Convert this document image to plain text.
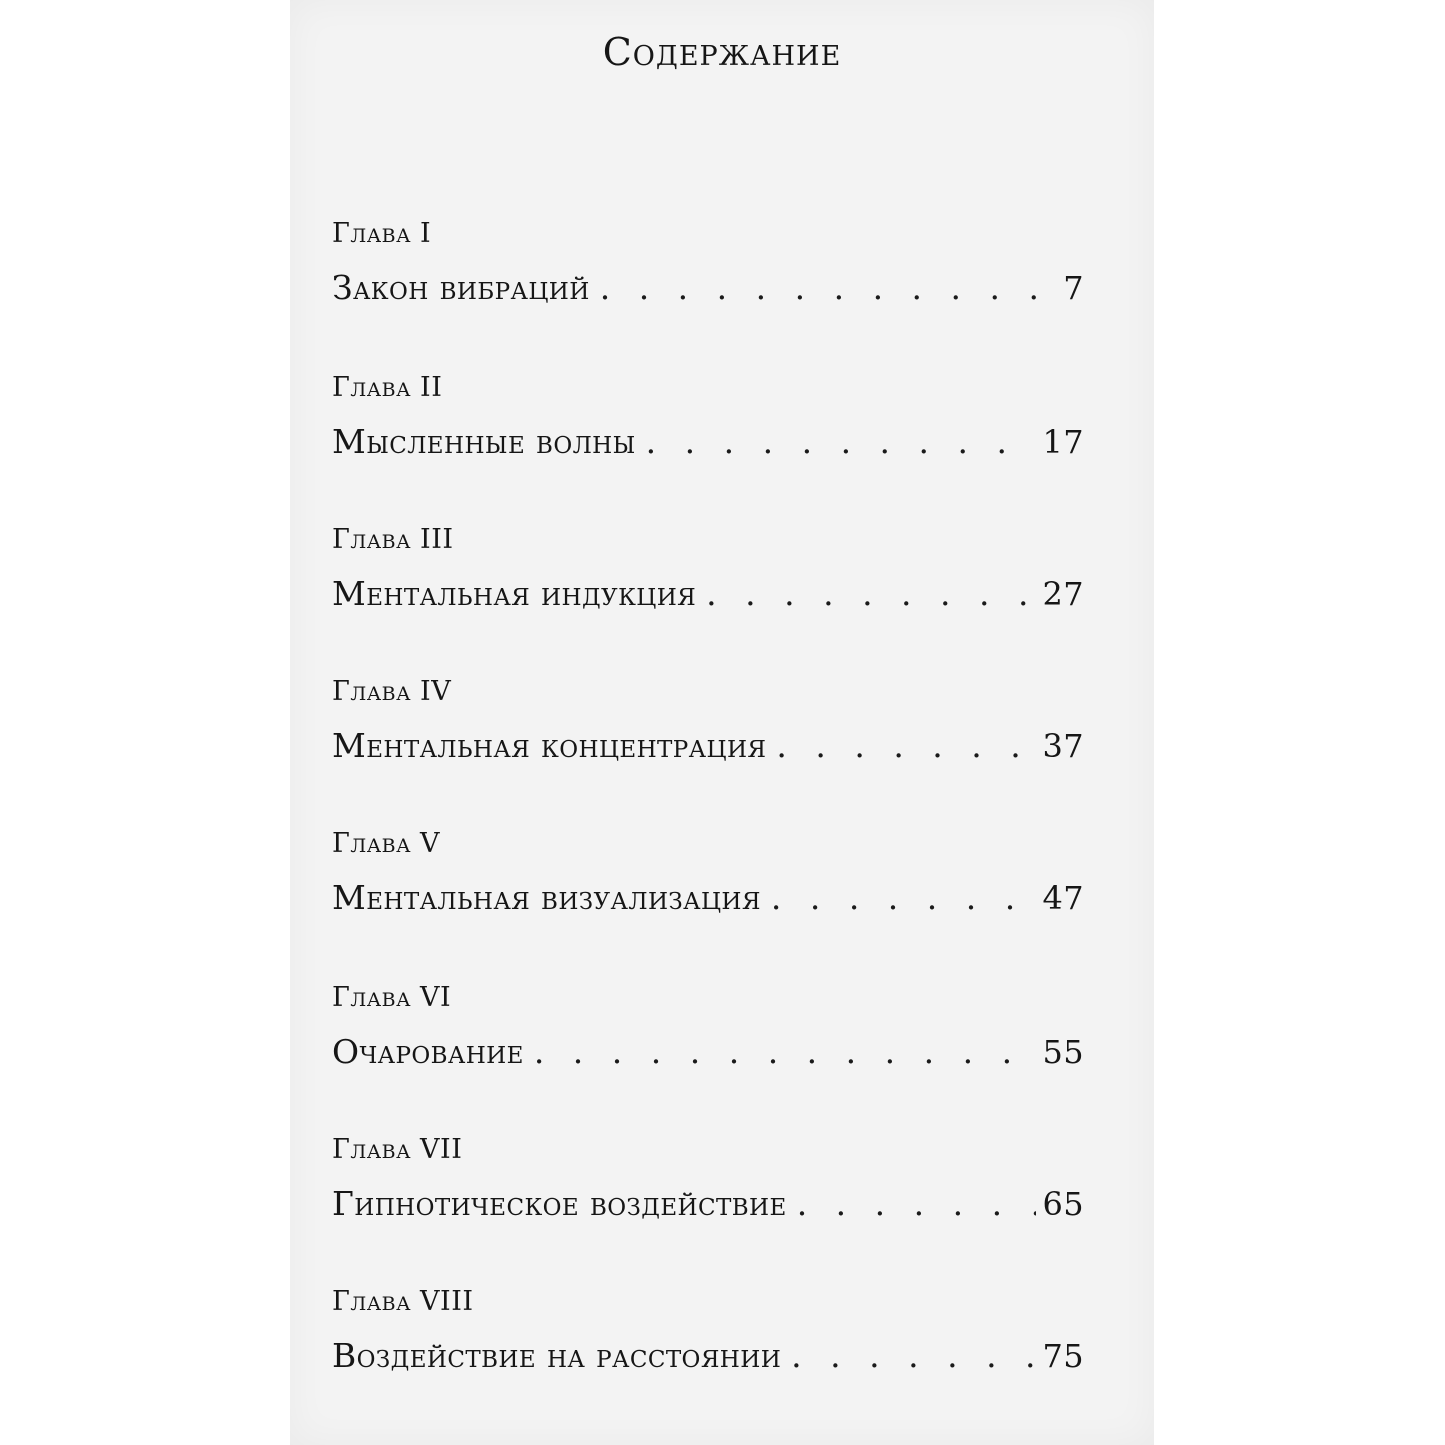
Содержание
Глава I
Закон вибраций . . .	7
Глава II
Мысленные волны . . .	17
Глава III
Ментальная индукция . . .	27
Глава IV
Ментальная концентрация . . .	37
Глава V
Ментальная визуализация . . .	47
Глава VI
Очарование . . .	55
Глава VII
Гипнотическое воздействие . . .	65
Глава VIII
Воздействие на расстоянии . . .	75
